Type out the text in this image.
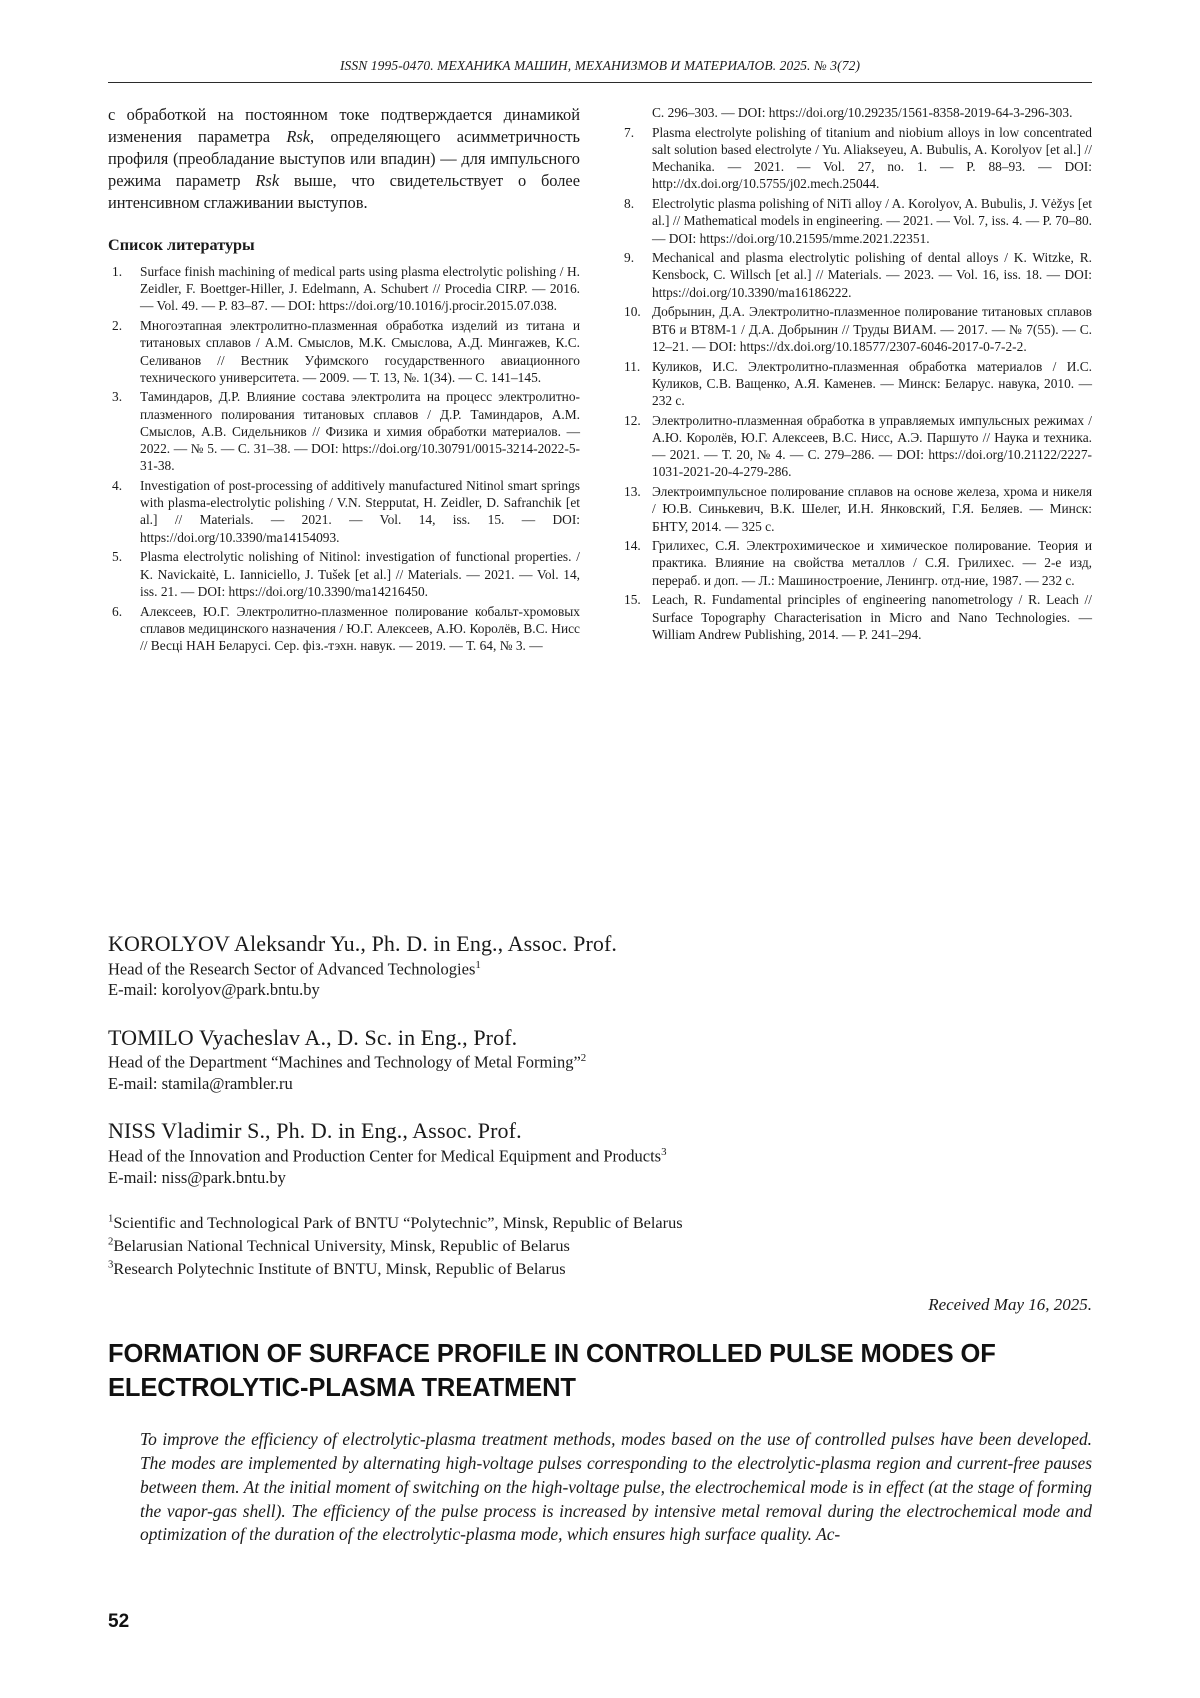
ISSN 1995-0470. МЕХАНИКА МАШИН, МЕХАНИЗМОВ И МАТЕРИАЛОВ. 2025. № 3(72)

с обработкой на постоянном токе подтверждается динамикой изменения параметра Rsk, определяющего асимметричность профиля (преобладание выступов или впадин) — для импульсного режима параметр Rsk выше, что свидетельствует о более интенсивном сглаживании выступов.

Список литературы
1.	Surface finish machining of medical parts using plasma electrolytic polishing / H. Zeidler, F. Boettger-Hiller, J. Edelmann, A. Schubert // Procedia CIRP. — 2016. — Vol. 49. — P. 83–87. — DOI: https://doi.org/10.1016/j.procir.2015.07.038.
2.	Многоэтапная электролитно-плазменная обработка изделий из титана и титановых сплавов / А.М. Смыслов, М.К. Смыслова, А.Д. Мингажев, К.С. Селиванов // Вестник Уфимского государственного авиационного технического университета. — 2009. — Т. 13, №. 1(34). — С. 141–145.
3.	Таминдаров, Д.Р. Влияние состава электролита на процесс электролитно-плазменного полирования титановых сплавов / Д.Р. Таминдаров, А.М. Смыслов, А.В. Сидельников // Физика и химия обработки материалов. — 2022. — № 5. — С. 31–38. — DOI: https://doi.org/10.30791/0015-3214-2022-5-31-38.
4.	Investigation of post-processing of additively manufactured Nitinol smart springs with plasma-electrolytic polishing / V.N. Stepputat, H. Zeidler, D. Safranchik [et al.] // Materials. — 2021. — Vol. 14, iss. 15. — DOI: https://doi.org/10.3390/ma14154093.
5.	Plasma electrolytic nolishing of Nitinol: investigation of functional properties. / K. Navickaitė, L. Ianniciello, J. Tušek [et al.] // Materials. — 2021. — Vol. 14, iss. 21. — DOI: https://doi.org/10.3390/ma14216450.
6.	Алексеев, Ю.Г. Электролитно-плазменное полирование кобальт-хромовых сплавов медицинского назначения / Ю.Г. Алексеев, А.Ю. Королёв, В.С. Нисс // Весці НАН Беларусі. Сер. фіз.-тэхн. навук. — 2019. — Т. 64, № 3. —
С. 296–303. — DOI: https://doi.org/10.29235/1561-8358-2019-64-3-296-303.
7.	Plasma electrolyte polishing of titanium and niobium alloys in low concentrated salt solution based electrolyte / Yu. Aliakseyeu, A. Bubulis, A. Korolyov [et al.] // Mechanika. — 2021. — Vol. 27, no. 1. — P. 88–93. — DOI: http://dx.doi.org/10.5755/j02.mech.25044.
8.	Electrolytic plasma polishing of NiTi alloy / A. Korolyov, A. Bubulis, J. Vėžys [et al.] // Mathematical models in engineering. — 2021. — Vol. 7, iss. 4. — P. 70–80. — DOI: https://doi.org/10.21595/mme.2021.22351.
9.	Mechanical and plasma electrolytic polishing of dental alloys / K. Witzke, R. Kensbock, C. Willsch [et al.] // Materials. — 2023. — Vol. 16, iss. 18. — DOI: https://doi.org/10.3390/ma16186222.
10. Добрынин, Д.А. Электролитно-плазменное полирование титановых сплавов ВТ6 и ВТ8М-1 / Д.А. Добрынин // Труды ВИАМ. — 2017. — № 7(55). — С. 12–21. — DOI: https://dx.doi.org/10.18577/2307-6046-2017-0-7-2-2.
11. Куликов, И.С. Электролитно-плазменная обработка материалов / И.С. Куликов, С.В. Ващенко, А.Я. Каменев. — Минск: Беларус. навука, 2010. — 232 с.
12. Электролитно-плазменная обработка в управляемых импульсных режимах / А.Ю. Королёв, Ю.Г. Алексеев, В.С. Нисс, А.Э. Паршуто // Наука и техника. — 2021. — Т. 20, № 4. — С. 279–286. — DOI: https://doi.org/10.21122/2227-1031-2021-20-4-279-286.
13. Электроимпульсное полирование сплавов на основе железа, хрома и никеля / Ю.В. Синькевич, В.К. Шелег, И.Н. Янковский, Г.Я. Беляев. — Минск: БНТУ, 2014. — 325 с.
14. Грилихес, С.Я. Электрохимическое и химическое полирование. Теория и практика. Влияние на свойства металлов / С.Я. Грилихес. — 2-е изд, перераб. и доп. — Л.: Машиностроение, Ленингр. отд-ние, 1987. — 232 с.
15. Leach, R. Fundamental principles of engineering nanometrology / R. Leach // Surface Topography Characterisation in Micro and Nano Technologies. — William Andrew Publishing, 2014. — P. 241–294.
KOROLYOV Aleksandr Yu., Ph. D. in Eng., Assoc. Prof.
Head of the Research Sector of Advanced Technologies$^1$
E-mail: korolyov@park.bntu.by
TOMILO Vyacheslav A., D. Sc. in Eng., Prof.
Head of the Department “Machines and Technology of Metal Forming”$^2$
E-mail: stamila@rambler.ru
NISS Vladimir S., Ph. D. in Eng., Assoc. Prof.
Head of the Innovation and Production Center for Medical Equipment and Products$^3$
E-mail: niss@park.bntu.by
$^1$Scientific and Technological Park of BNTU “Polytechnic”, Minsk, Republic of Belarus
$^2$Belarusian National Technical University, Minsk, Republic of Belarus
$^3$Research Polytechnic Institute of BNTU, Minsk, Republic of Belarus
Received May 16, 2025.
FORMATION OF SURFACE PROFILE IN CONTROLLED PULSE MODES OF ELECTROLYTIC-PLASMA TREATMENT
To improve the efficiency of electrolytic-plasma treatment methods, modes based on the use of controlled pulses have been developed. The modes are implemented by alternating high-voltage pulses corresponding to the electrolytic-plasma region and current-free pauses between them. At the initial moment of switching on the high-voltage pulse, the electrochemical mode is in effect (at the stage of forming the vapor-gas shell). The efficiency of the pulse process is increased by intensive metal removal during the electrochemical mode and optimization of the duration of the electrolytic-plasma mode, which ensures high surface quality. Ac-
52
